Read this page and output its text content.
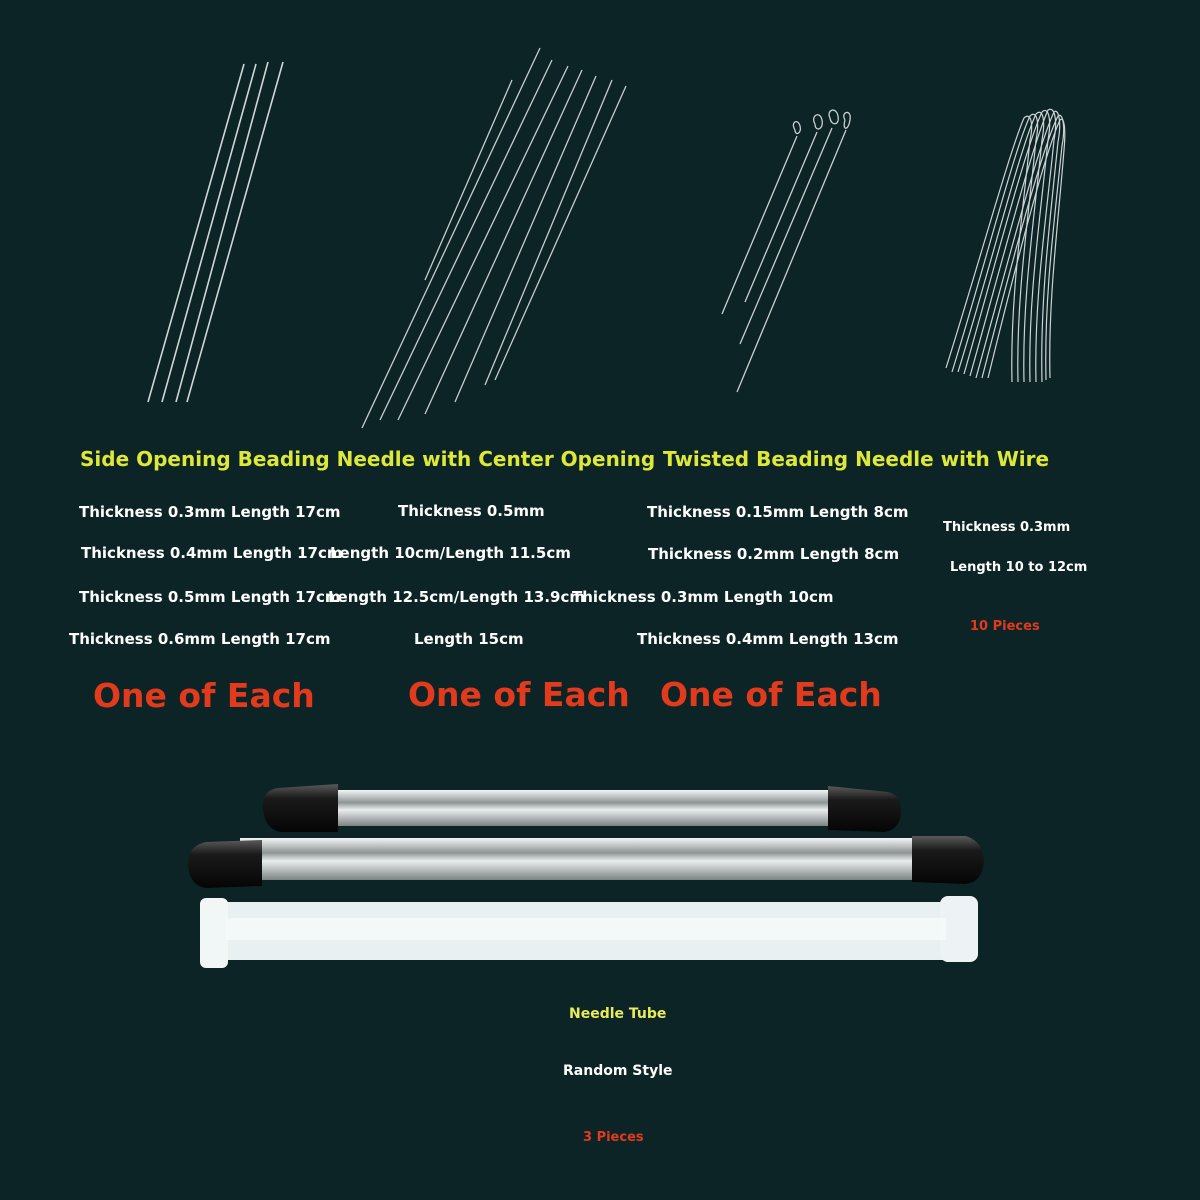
Side Opening Beading Needle with Center Opening Twisted Beading Needle with Wire
Thickness 0.3mm Length 17cm
Thickness 0.4mm Length 17cm
Thickness 0.5mm Length 17cm
Thickness 0.6mm Length 17cm
Thickness 0.5mm
Length 10cm/Length 11.5cm
Length 12.5cm/Length 13.9cm
Length 15cm
Thickness 0.15mm Length 8cm
Thickness 0.2mm Length 8cm
Thickness 0.3mm Length 10cm
Thickness 0.4mm Length 13cm
Thickness 0.3mm
Length 10 to 12cm
10 Pieces
One of Each	One of Each One of Each
Needle Tube
Random Style
3 Pieces
